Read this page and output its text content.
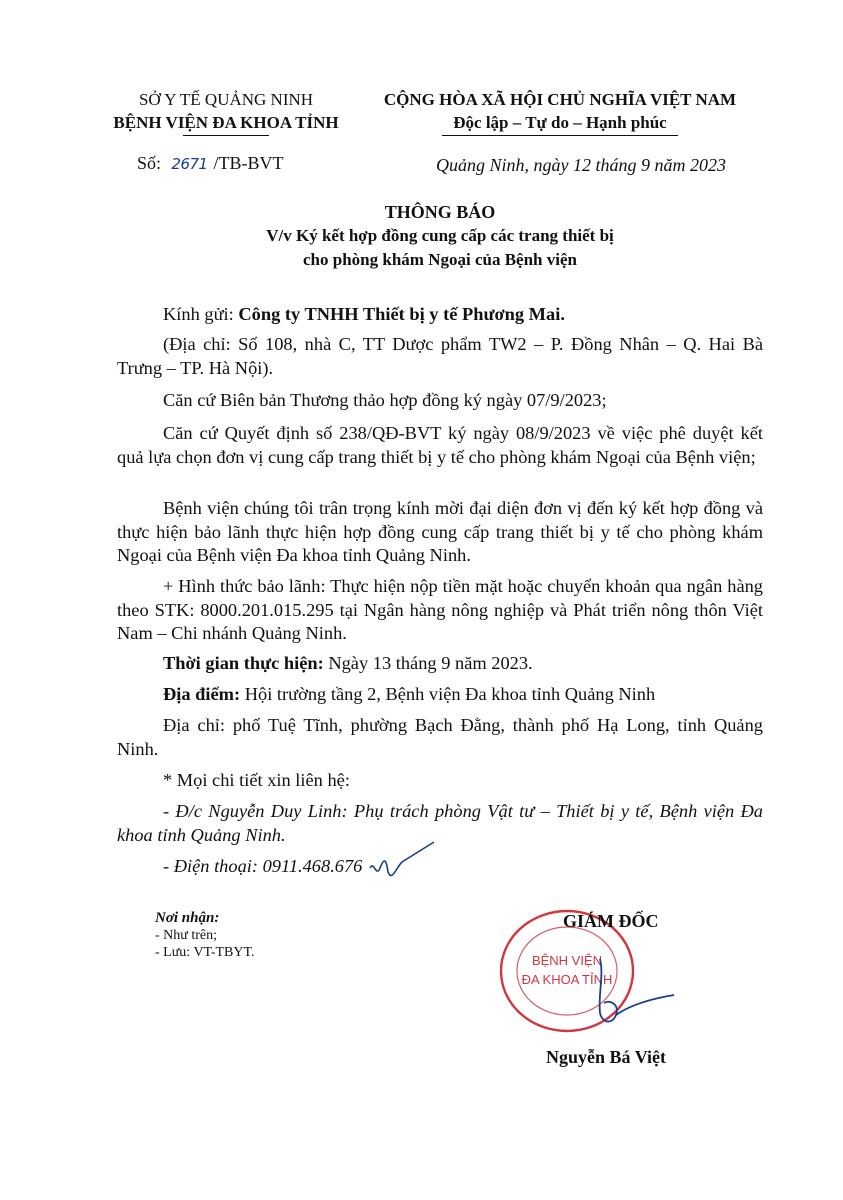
SỞ Y TẾ QUẢNG NINH
BỆNH VIỆN ĐA KHOA TỈNH
CỘNG HÒA XÃ HỘI CHỦ NGHĨA VIỆT NAM
Độc lập – Tự do – Hạnh phúc
Số: 2671 /TB-BVT	Quảng Ninh, ngày 12 tháng 9 năm 2023
THÔNG BÁO
V/v Ký kết hợp đồng cung cấp các trang thiết bị
cho phòng khám Ngoại của Bệnh viện
Kính gửi: Công ty TNHH Thiết bị y tế Phương Mai.
(Địa chỉ: Số 108, nhà C, TT Dược phẩm TW2 – P. Đồng Nhân – Q. Hai Bà Trưng – TP. Hà Nội).
Căn cứ Biên bản Thương thảo hợp đồng ký ngày 07/9/2023;
Căn cứ Quyết định số 238/QĐ-BVT ký ngày 08/9/2023 về việc phê duyệt kết quả lựa chọn đơn vị cung cấp trang thiết bị y tế cho phòng khám Ngoại của Bệnh viện;
Bệnh viện chúng tôi trân trọng kính mời đại diện đơn vị đến ký kết hợp đồng và thực hiện bảo lãnh thực hiện hợp đồng cung cấp trang thiết bị y tế cho phòng khám Ngoại của Bệnh viện Đa khoa tỉnh Quảng Ninh.
+ Hình thức bảo lãnh: Thực hiện nộp tiền mặt hoặc chuyển khoản qua ngân hàng theo STK: 8000.201.015.295 tại Ngân hàng nông nghiệp và Phát triển nông thôn Việt Nam – Chi nhánh Quảng Ninh.
Thời gian thực hiện: Ngày 13 tháng 9 năm 2023.
Địa điểm: Hội trường tầng 2, Bệnh viện Đa khoa tỉnh Quảng Ninh
Địa chỉ: phố Tuệ Tĩnh, phường Bạch Đằng, thành phố Hạ Long, tỉnh Quảng Ninh.
* Mọi chi tiết xin liên hệ:
- Đ/c Nguyễn Duy Linh: Phụ trách phòng Vật tư – Thiết bị y tế, Bệnh viện Đa khoa tỉnh Quảng Ninh.
- Điện thoại: 0911.468.676
Nơi nhận:
- Như trên;
- Lưu: VT-TBYT.
BỆNH VIỆN
ĐA KHOA TỈNH
GIÁM ĐỐC
Nguyễn Bá Việt
